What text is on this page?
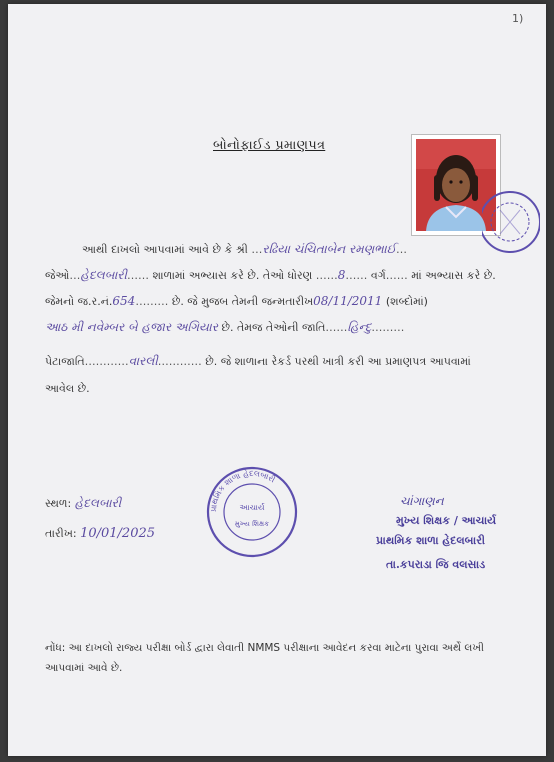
1)
બોનોફાઈડ પ્રમાણપત્ર
આથી દાખલો આપવામાં આવે છે કે શ્રી …રઢિયા ચંચિતાબેન રમણભાઈ…
જેઓ…હેદલબારી…… શાળામાં અભ્યાસ કરે છે. તેઓ ધોરણ ……8…… વર્ગ…… માં અભ્યાસ કરે છે.
જેમનો જ.ર.નં.654……… છે. જે મુજબ તેમની જન્મતારીખ08/11/2011 (શબ્દોમાં)
આઠ મી નવેમ્બર બે હજાર અગિયાર છે. તેમજ તેઓની જાતિ……હિન્દુ………
પેટાજાતિ…………વારલી………… છે. જે શાળાના રેકર્ડ પરથી ખાત્રી કરી આ પ્રમાણપત્ર આપવામાં
આવેલ છે.
સ્થળ: હેદલબારી
તારીખ: 10/01/2025
પ્રાથમિક શાળા હેદલબારી
આચાર્ય
મુખ્ય શિક્ષક
ચાંગાણન
મુખ્ય શિક્ષક / આચાર્ય
પ્રાથમિક શાળા હેદલબારી
તા.કપરાડા જિ વલસાડ
નોંધ: આ દાખલો રાજ્ય પરીક્ષા બોર્ડ દ્વારા લેવાતી NMMS પરીક્ષાના આવેદન કરવા માટેના પુરાવા અર્થે લખી આપવામાં આવે છે.
